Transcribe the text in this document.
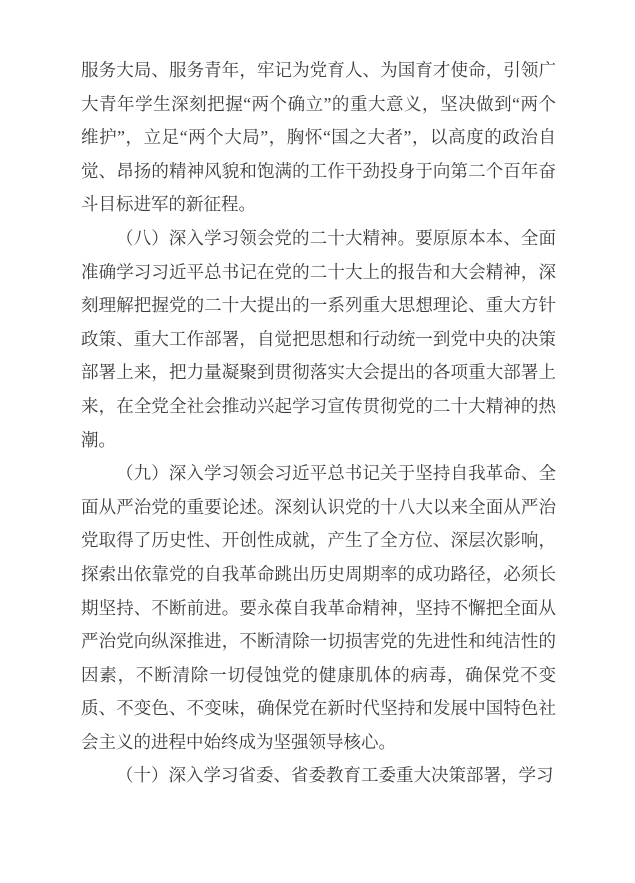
服务大局、服务青年，牢记为党育人、为国育才使命，引领广大青年学生深刻把握“两个确立”的重大意义，坚决做到“两个维护”，立足“两个大局”，胸怀“国之大者”，以高度的政治自觉、昂扬的精神风貌和饱满的工作干劲投身于向第二个百年奋斗目标进军的新征程。

（八）深入学习领会党的二十大精神。要原原本本、全面准确学习习近平总书记在党的二十大上的报告和大会精神，深刻理解把握党的二十大提出的一系列重大思想理论、重大方针政策、重大工作部署，自觉把思想和行动统一到党中央的决策部署上来，把力量凝聚到贯彻落实大会提出的各项重大部署上来，在全党全社会推动兴起学习宣传贯彻党的二十大精神的热潮。

（九）深入学习领会习近平总书记关于坚持自我革命、全面从严治党的重要论述。深刻认识党的十八大以来全面从严治党取得了历史性、开创性成就，产生了全方位、深层次影响，探索出依靠党的自我革命跳出历史周期率的成功路径，必须长期坚持、不断前进。要永葆自我革命精神，坚持不懈把全面从严治党向纵深推进，不断清除一切损害党的先进性和纯洁性的因素，不断清除一切侵蚀党的健康肌体的病毒，确保党不变质、不变色、不变味，确保党在新时代坚持和发展中国特色社会主义的进程中始终成为坚强领导核心。

（十）深入学习省委、省委教育工委重大决策部署，学习
